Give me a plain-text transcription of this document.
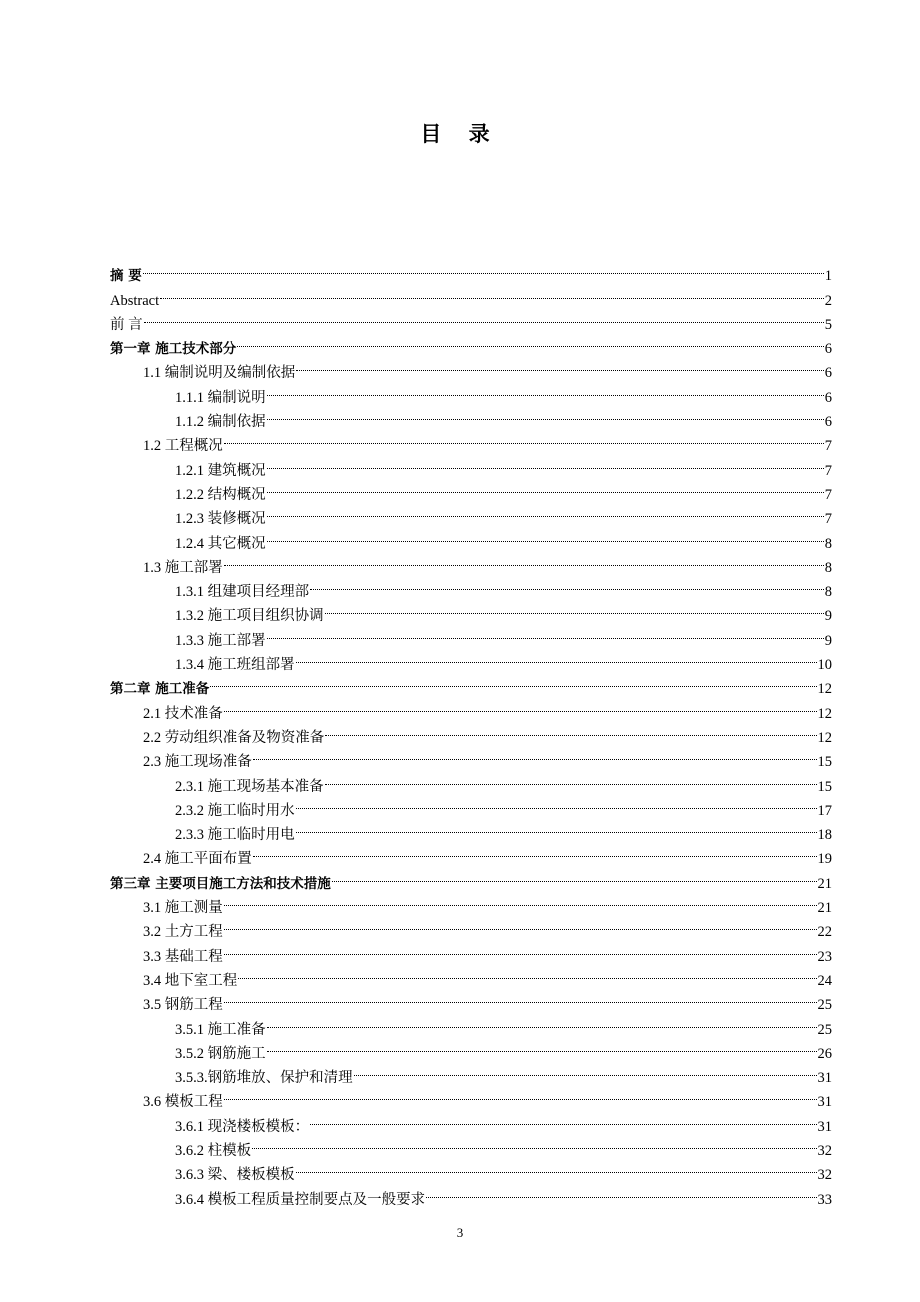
目 录
摘 要	1
Abstract	2
前 言	5
第一章 施工技术部分	6
1.1 编制说明及编制依据	6
1.1.1 编制说明	6
1.1.2 编制依据	6
1.2 工程概况	7
1.2.1 建筑概况	7
1.2.2 结构概况	7
1.2.3 装修概况	7
1.2.4 其它概况	8
1.3 施工部署	8
1.3.1 组建项目经理部	8
1.3.2 施工项目组织协调	9
1.3.3 施工部署	9
1.3.4 施工班组部署	10
第二章 施工准备	12
2.1 技术准备	12
2.2 劳动组织准备及物资准备	12
2.3 施工现场准备	15
2.3.1 施工现场基本准备	15
2.3.2 施工临时用水	17
2.3.3 施工临时用电	18
2.4 施工平面布置	19
第三章 主要项目施工方法和技术措施	21
3.1 施工测量	21
3.2 土方工程	22
3.3 基础工程	23
3.4 地下室工程	24
3.5 钢筋工程	25
3.5.1 施工准备	25
3.5.2 钢筋施工	26
3.5.3.钢筋堆放、保护和清理	31
3.6 模板工程	31
3.6.1 现浇楼板模板：	31
3.6.2 柱模板	32
3.6.3 梁、楼板模板	32
3.6.4 模板工程质量控制要点及一般要求	33
3
